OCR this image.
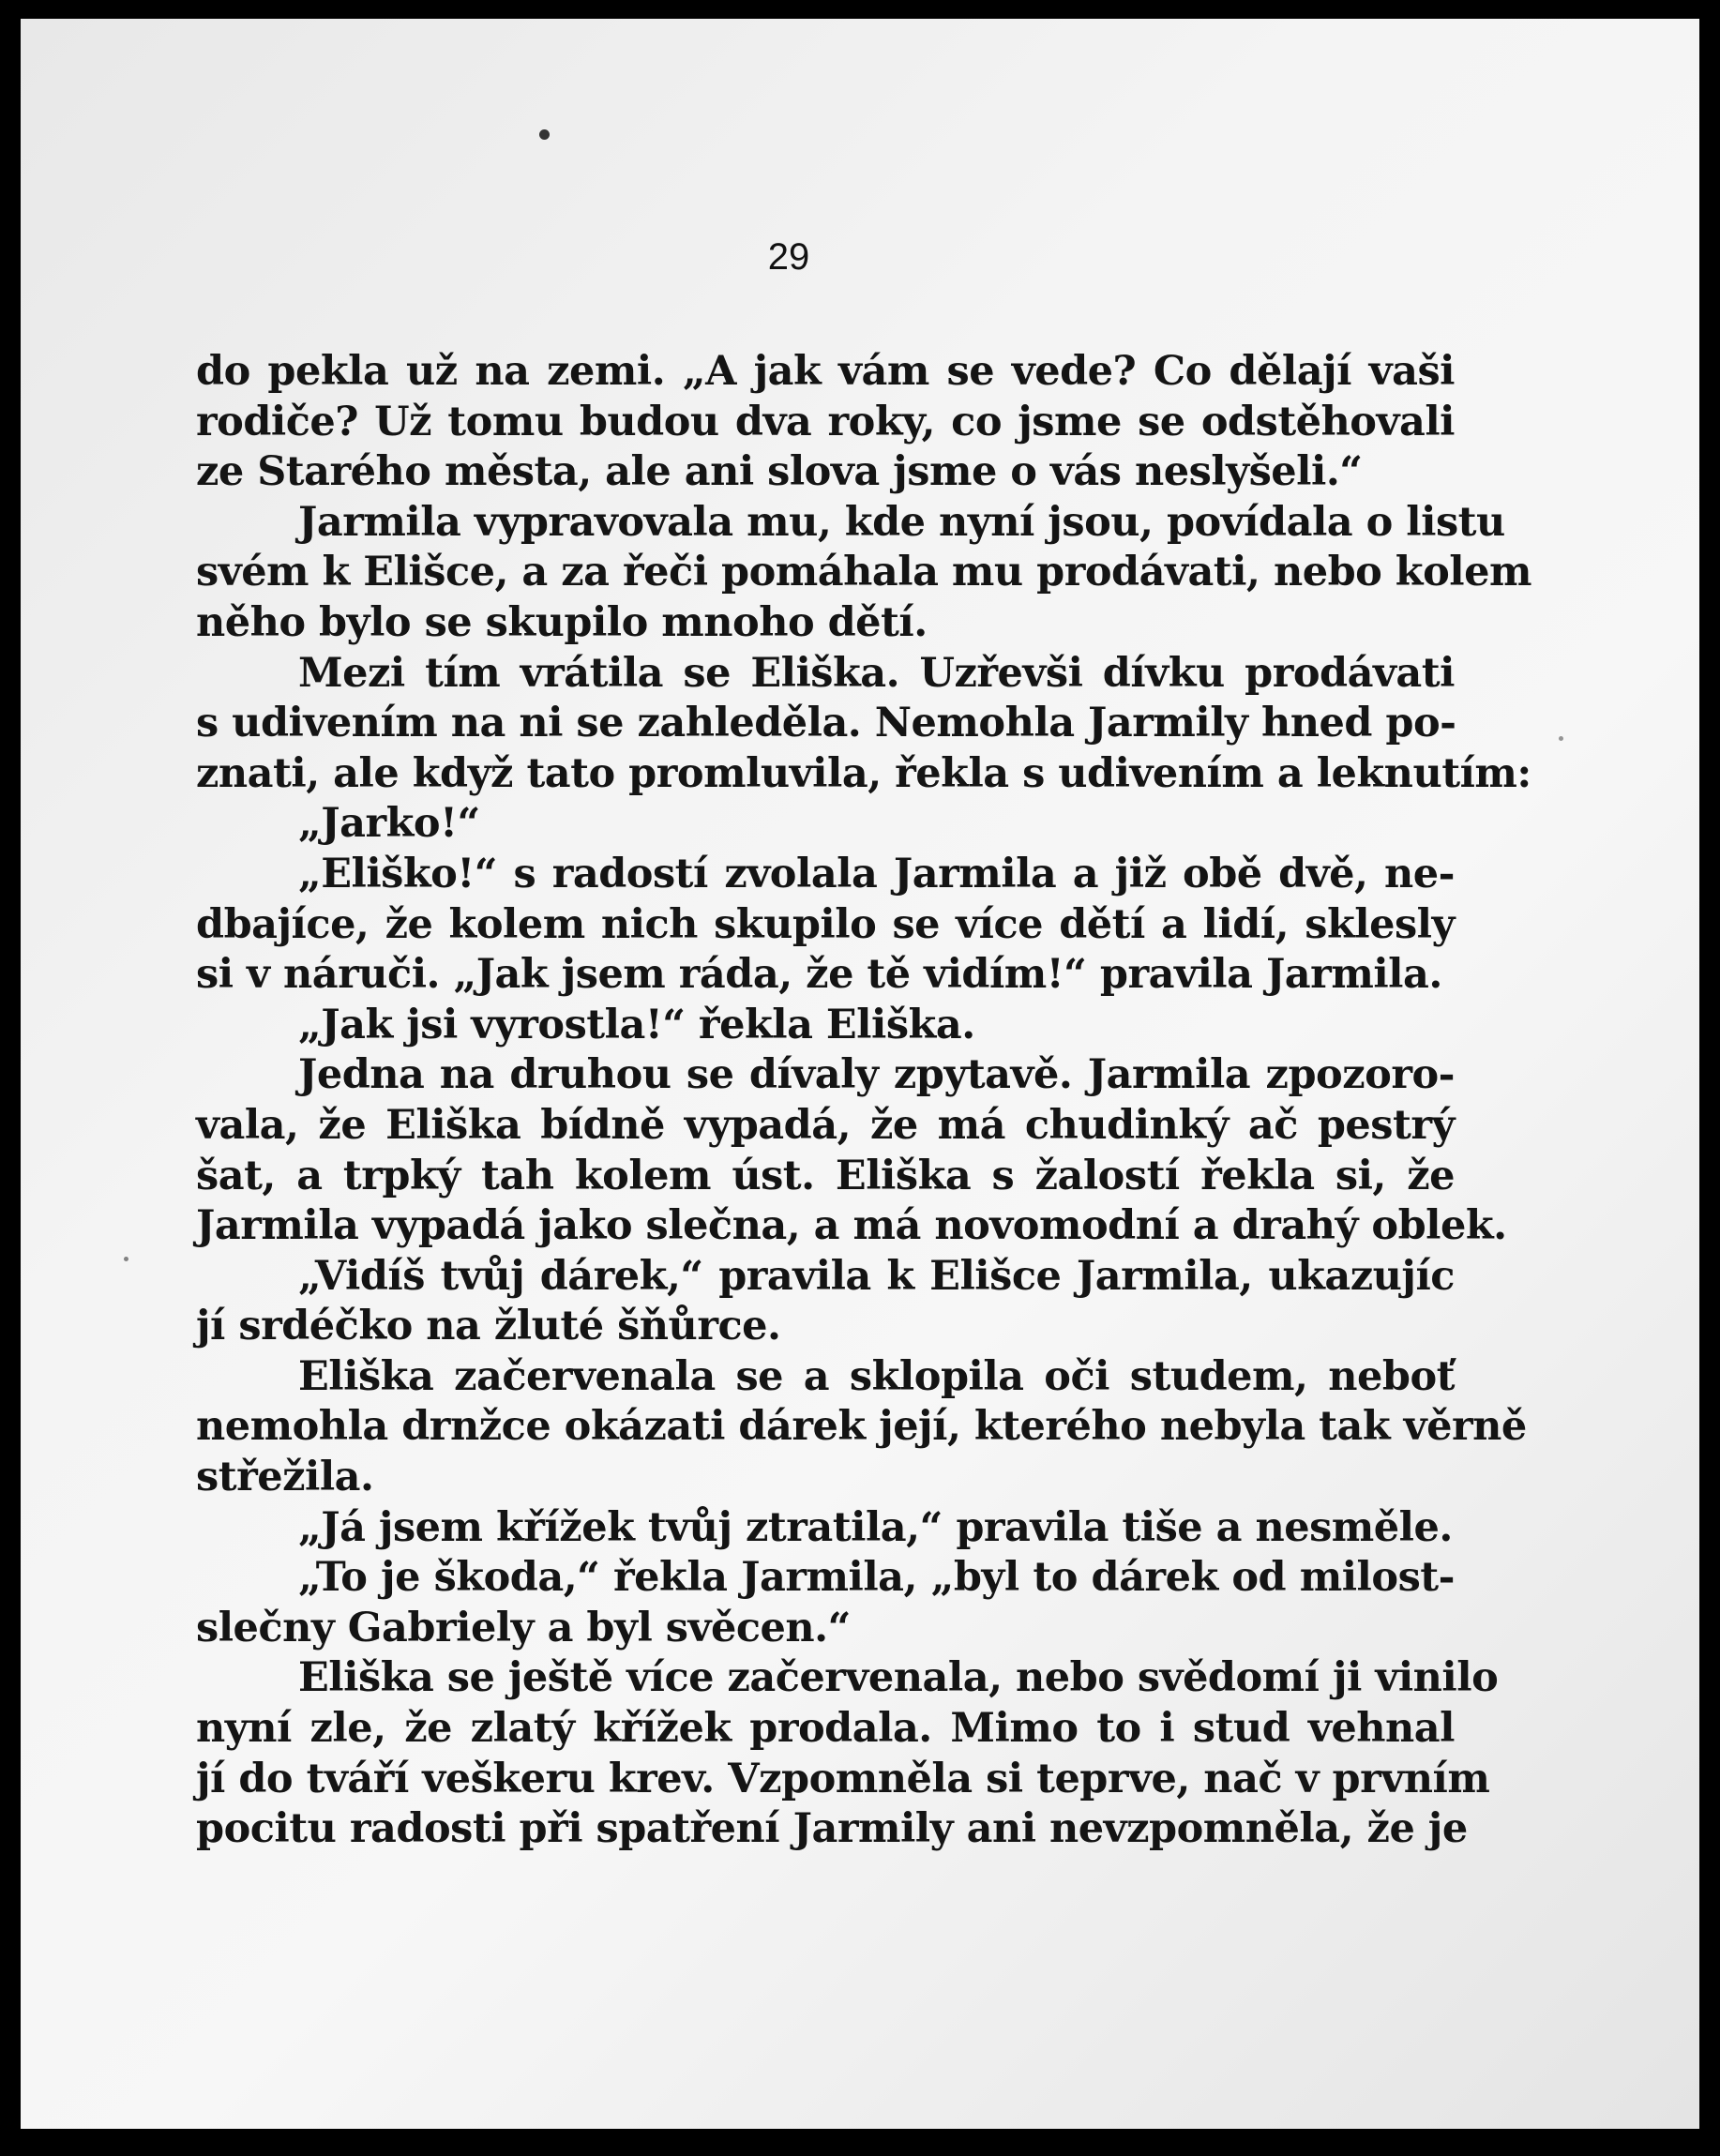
29
do pekla už na zemi. „A jak vám se vede? Co dělají vaši
rodiče? Už tomu budou dva roky, co jsme se odstěhovali
ze Starého města, ale ani slova jsme o vás neslyšeli.“
Jarmila vypravovala mu, kde nyní jsou, povídala o listu
svém k Elišce, a za řeči pomáhala mu prodávati, nebo kolem
něho bylo se skupilo mnoho dětí.
Mezi tím vrátila se Eliška. Uzřevši dívku prodávati
s udivením na ni se zahleděla. Nemohla Jarmily hned po-
znati, ale když tato promluvila, řekla s udivením a leknutím:
„Jarko!“
„Eliško!“ s radostí zvolala Jarmila a již obě dvě, ne-
dbajíce, že kolem nich skupilo se více dětí a lidí, sklesly
si v náruči. „Jak jsem ráda, že tě vidím!“ pravila Jarmila.
„Jak jsi vyrostla!“ řekla Eliška.
Jedna na druhou se dívaly zpytavě. Jarmila zpozoro-
vala, že Eliška bídně vypadá, že má chudinký ač pestrý
šat, a trpký tah kolem úst. Eliška s žalostí řekla si, že
Jarmila vypadá jako slečna, a má novomodní a drahý oblek.
„Vidíš tvůj dárek,“ pravila k Elišce Jarmila, ukazujíc
jí srdéčko na žluté šňůrce.
Eliška začervenala se a sklopila oči studem, neboť
nemohla drnžce okázati dárek její, kterého nebyla tak věrně
střežila.
„Já jsem křížek tvůj ztratila,“ pravila tiše a nesměle.
„To je škoda,“ řekla Jarmila, „byl to dárek od milost-
slečny Gabriely a byl svěcen.“
Eliška se ještě více začervenala, nebo svědomí ji vinilo
nyní zle, že zlatý křížek prodala. Mimo to i stud vehnal
jí do tváří veškeru krev. Vzpomněla si teprve, nač v prvním
pocitu radosti při spatření Jarmily ani nevzpomněla, že je
